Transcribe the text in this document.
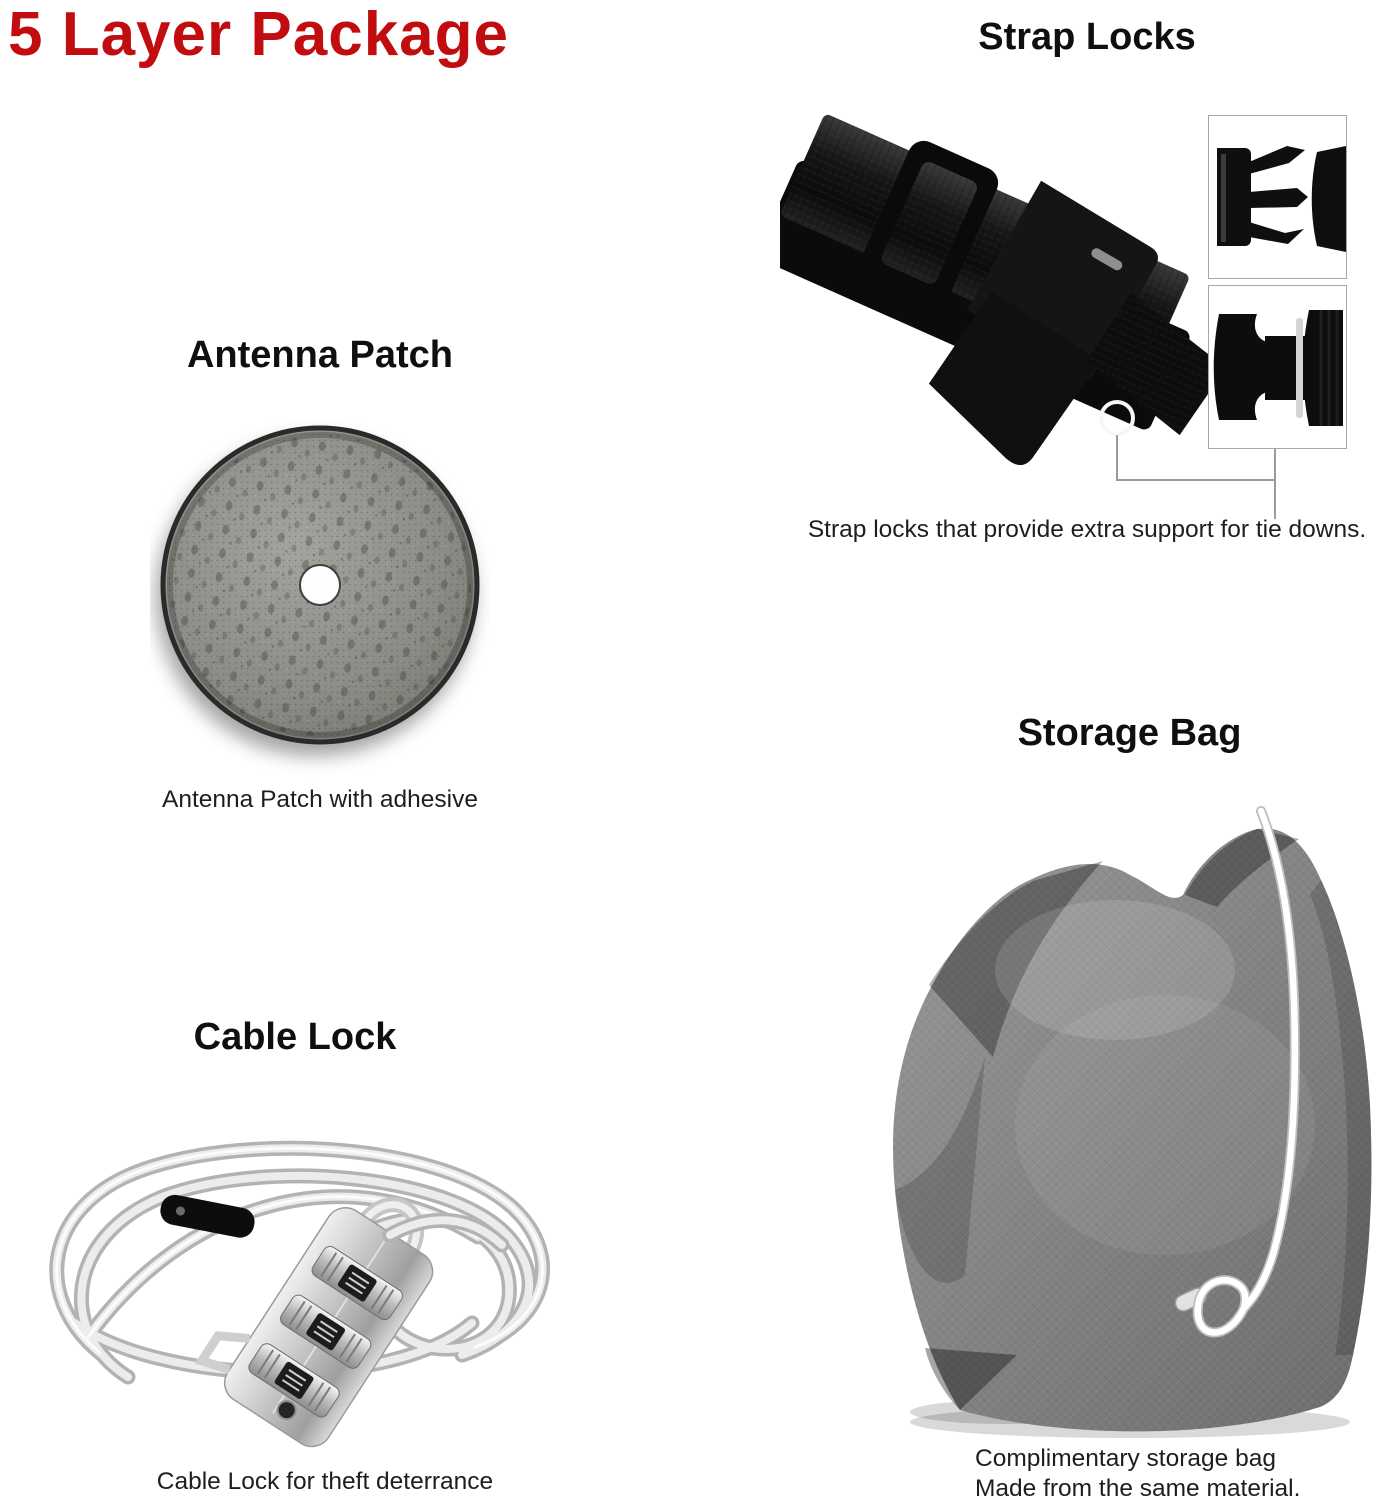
5 Layer Package	Strap Locks
Strap locks that provide extra support for tie downs.
Antenna Patch
Antenna Patch with adhesive
Storage Bag
Complimentary storage bag
Made from the same material.
Cable Lock
Cable Lock for theft deterrance
